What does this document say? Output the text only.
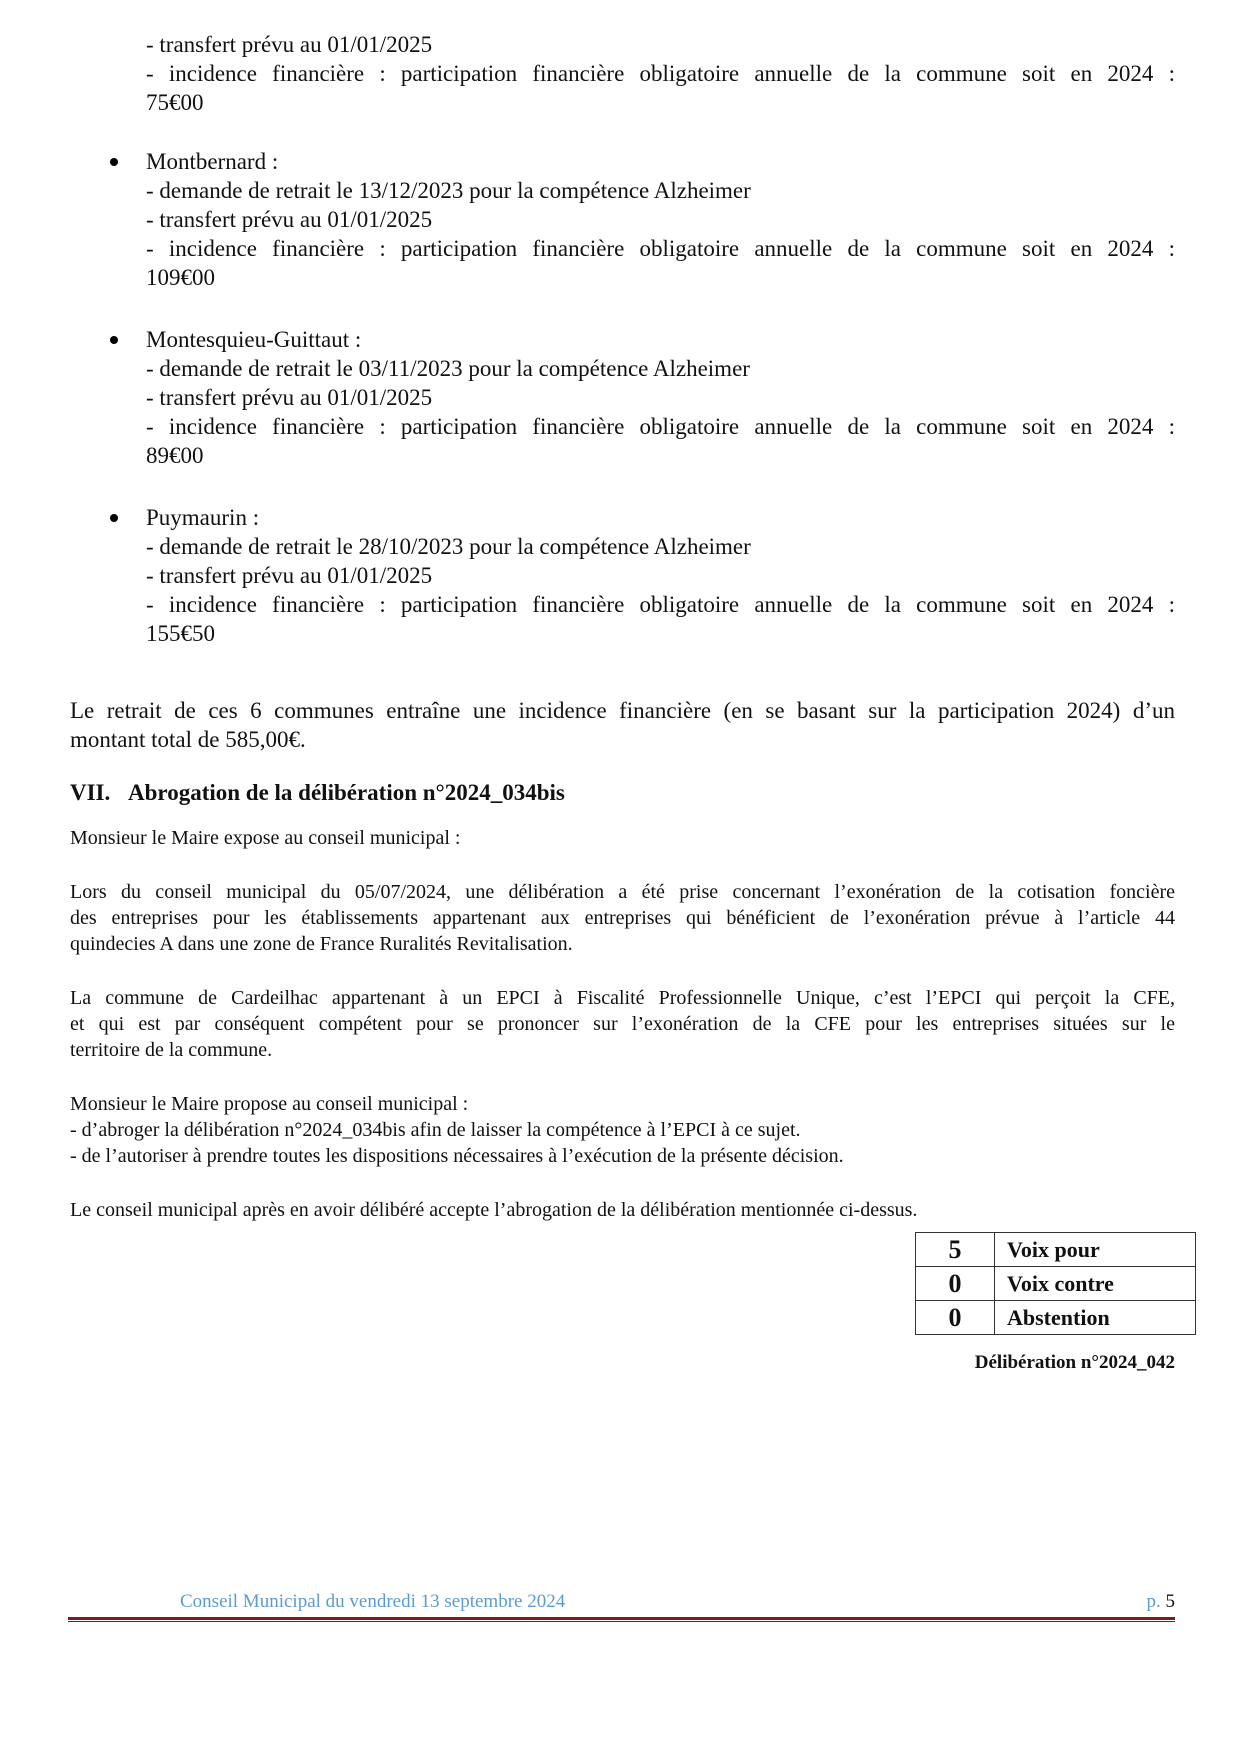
- transfert prévu au 01/01/2025
- incidence financière : participation financière obligatoire annuelle de la commune soit en 2024 :
75€00
Montbernard :
- demande de retrait le 13/12/2023 pour la compétence Alzheimer
- transfert prévu au 01/01/2025
- incidence financière : participation financière obligatoire annuelle de la commune soit en 2024 :
109€00
Montesquieu-Guittaut :
- demande de retrait le 03/11/2023 pour la compétence Alzheimer
- transfert prévu au 01/01/2025
- incidence financière : participation financière obligatoire annuelle de la commune soit en 2024 :
89€00
Puymaurin :
- demande de retrait le 28/10/2023 pour la compétence Alzheimer
- transfert prévu au 01/01/2025
- incidence financière : participation financière obligatoire annuelle de la commune soit en 2024 :
155€50
Le retrait de ces 6 communes entraîne une incidence financière (en se basant sur la participation 2024) d’un
montant total de 585,00€.
VII. Abrogation de la délibération n°2024_034bis
Monsieur le Maire expose au conseil municipal :
Lors du conseil municipal du 05/07/2024, une délibération a été prise concernant l’exonération de la cotisation foncière
des entreprises pour les établissements appartenant aux entreprises qui bénéficient de l’exonération prévue à l’article 44
quindecies A dans une zone de France Ruralités Revitalisation.
La commune de Cardeilhac appartenant à un EPCI à Fiscalité Professionnelle Unique, c’est l’EPCI qui perçoit la CFE,
et qui est par conséquent compétent pour se prononcer sur l’exonération de la CFE pour les entreprises situées sur le
territoire de la commune.
Monsieur le Maire propose au conseil municipal :
- d’abroger la délibération n°2024_034bis afin de laisser la compétence à l’EPCI à ce sujet.
- de l’autoriser à prendre toutes les dispositions nécessaires à l’exécution de la présente décision.
Le conseil municipal après en avoir délibéré accepte l’abrogation de la délibération mentionnée ci-dessus.
5	Voix pour
0	Voix contre
0	Abstention
Délibération n°2024_042
Conseil Municipal du vendredi 13 septembre 2024	p. 5
